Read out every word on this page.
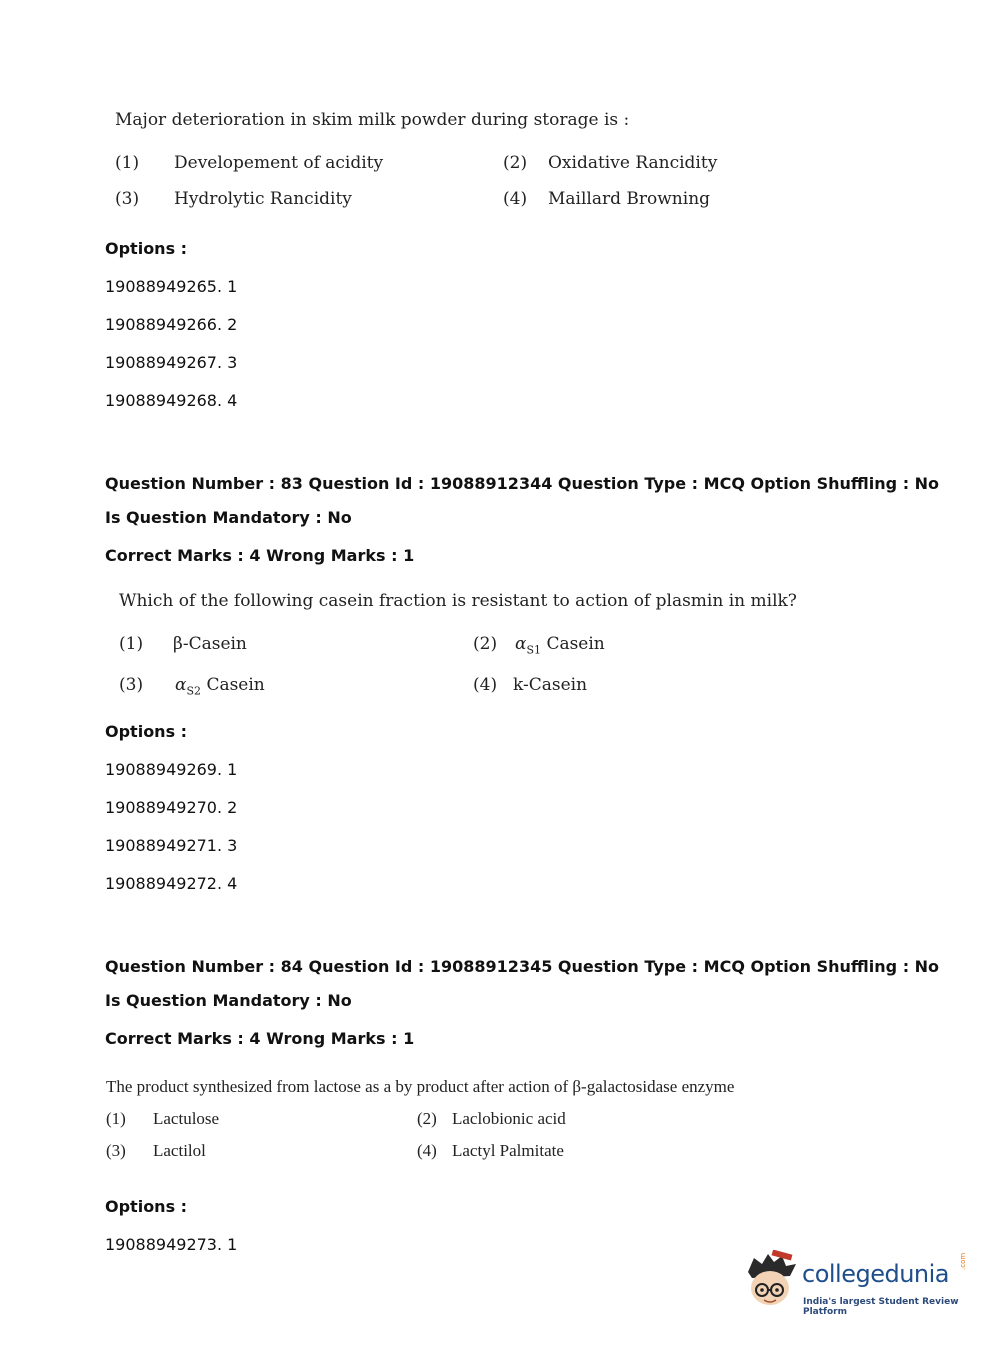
Major deterioration in skim milk powder during storage is :
(1) Developement of acidity	(2) Oxidative Rancidity
(3) Hydrolytic Rancidity	(4) Maillard Browning
Options :
19088949265. 1
19088949266. 2
19088949267. 3
19088949268. 4
Question Number : 83 Question Id : 19088912344 Question Type : MCQ Option Shuffling : No
Is Question Mandatory : No
Correct Marks : 4 Wrong Marks : 1
Which of the following casein fraction is resistant to action of plasmin in milk?
(1) β-Casein	(2) $\alpha_{S1}$ Casein
(3) $\alpha_{S2}$ Casein	(4) k-Casein
Options :
19088949269. 1
19088949270. 2
19088949271. 3
19088949272. 4
Question Number : 84 Question Id : 19088912345 Question Type : MCQ Option Shuffling : No
Is Question Mandatory : No
Correct Marks : 4 Wrong Marks : 1
The product synthesized from lactose as a by product after action of β-galactosidase enzyme
(1) Lactulose	(2) Laclobionic acid
(3) Lactilol	(4) Lactyl Palmitate
Options :
19088949273. 1
collegedunia .com
India's largest Student Review Platform
